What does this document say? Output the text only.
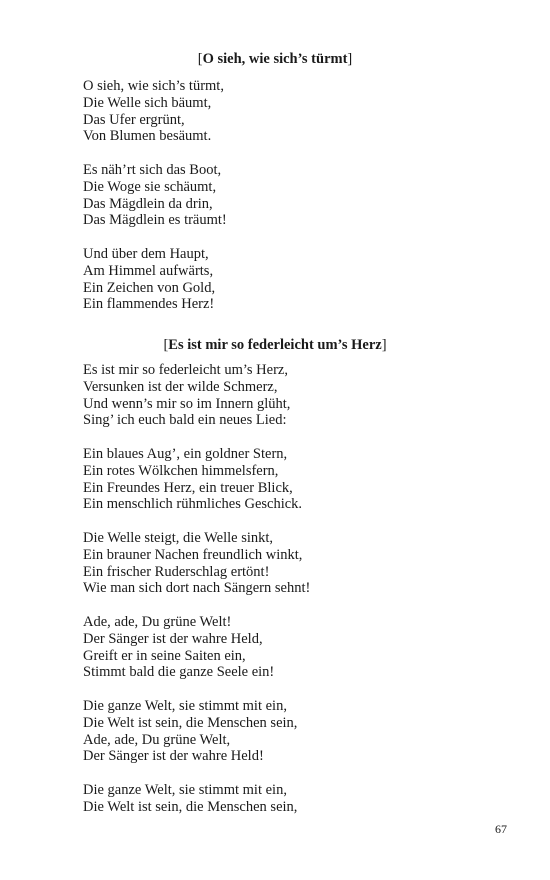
[O sieh, wie sich’s türmt]
O sieh, wie sich’s türmt,
Die Welle sich bäumt,
Das Ufer ergrünt,
Von Blumen besäumt.
Es näh’rt sich das Boot,
Die Woge sie schäumt,
Das Mägdlein da drin,
Das Mägdlein es träumt!
Und über dem Haupt,
Am Himmel aufwärts,
Ein Zeichen von Gold,
Ein flammendes Herz!
[Es ist mir so federleicht um’s Herz]
Es ist mir so federleicht um’s Herz,
Versunken ist der wilde Schmerz,
Und wenn’s mir so im Innern glüht,
Sing’ ich euch bald ein neues Lied:
Ein blaues Aug’, ein goldner Stern,
Ein rotes Wölkchen himmelsfern,
Ein Freundes Herz, ein treuer Blick,
Ein menschlich rühmliches Geschick.
Die Welle steigt, die Welle sinkt,
Ein brauner Nachen freundlich winkt,
Ein frischer Ruderschlag ertönt!
Wie man sich dort nach Sängern sehnt!
Ade, ade, Du grüne Welt!
Der Sänger ist der wahre Held,
Greift er in seine Saiten ein,
Stimmt bald die ganze Seele ein!
Die ganze Welt, sie stimmt mit ein,
Die Welt ist sein, die Menschen sein,
Ade, ade, Du grüne Welt,
Der Sänger ist der wahre Held!
Die ganze Welt, sie stimmt mit ein,
Die Welt ist sein, die Menschen sein,
67
